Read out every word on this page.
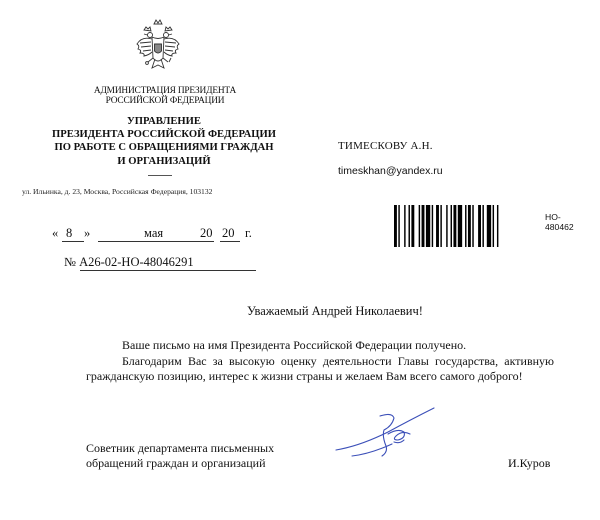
АДМИНИСТРАЦИЯ ПРЕЗИДЕНТА
РОССИЙСКОЙ ФЕДЕРАЦИИ
УПРАВЛЕНИЕ
ПРЕЗИДЕНТА РОССИЙСКОЙ ФЕДЕРАЦИИ
ПО РАБОТЕ С ОБРАЩЕНИЯМИ ГРАЖДАН
И ОРГАНИЗАЦИЙ
ул. Ильинка, д. 23, Москва, Российская Федерация, 103132
ТИМЕСКОВУ А.Н.
timeskhan@yandex.ru
« 8 »	мая	20 20 г.
№ А26-02-НО-48046291
НО-
480462
Уважаемый Андрей Николаевич!
Ваше письмо на имя Президента Российской Федерации получено.
Благодарим Вас за высокую оценку деятельности Главы государства, активную гражданскую позицию, интерес к жизни страны и желаем Вам всего самого доброго!
Советник департамента письменных
обращений граждан и организаций	И.Куров
